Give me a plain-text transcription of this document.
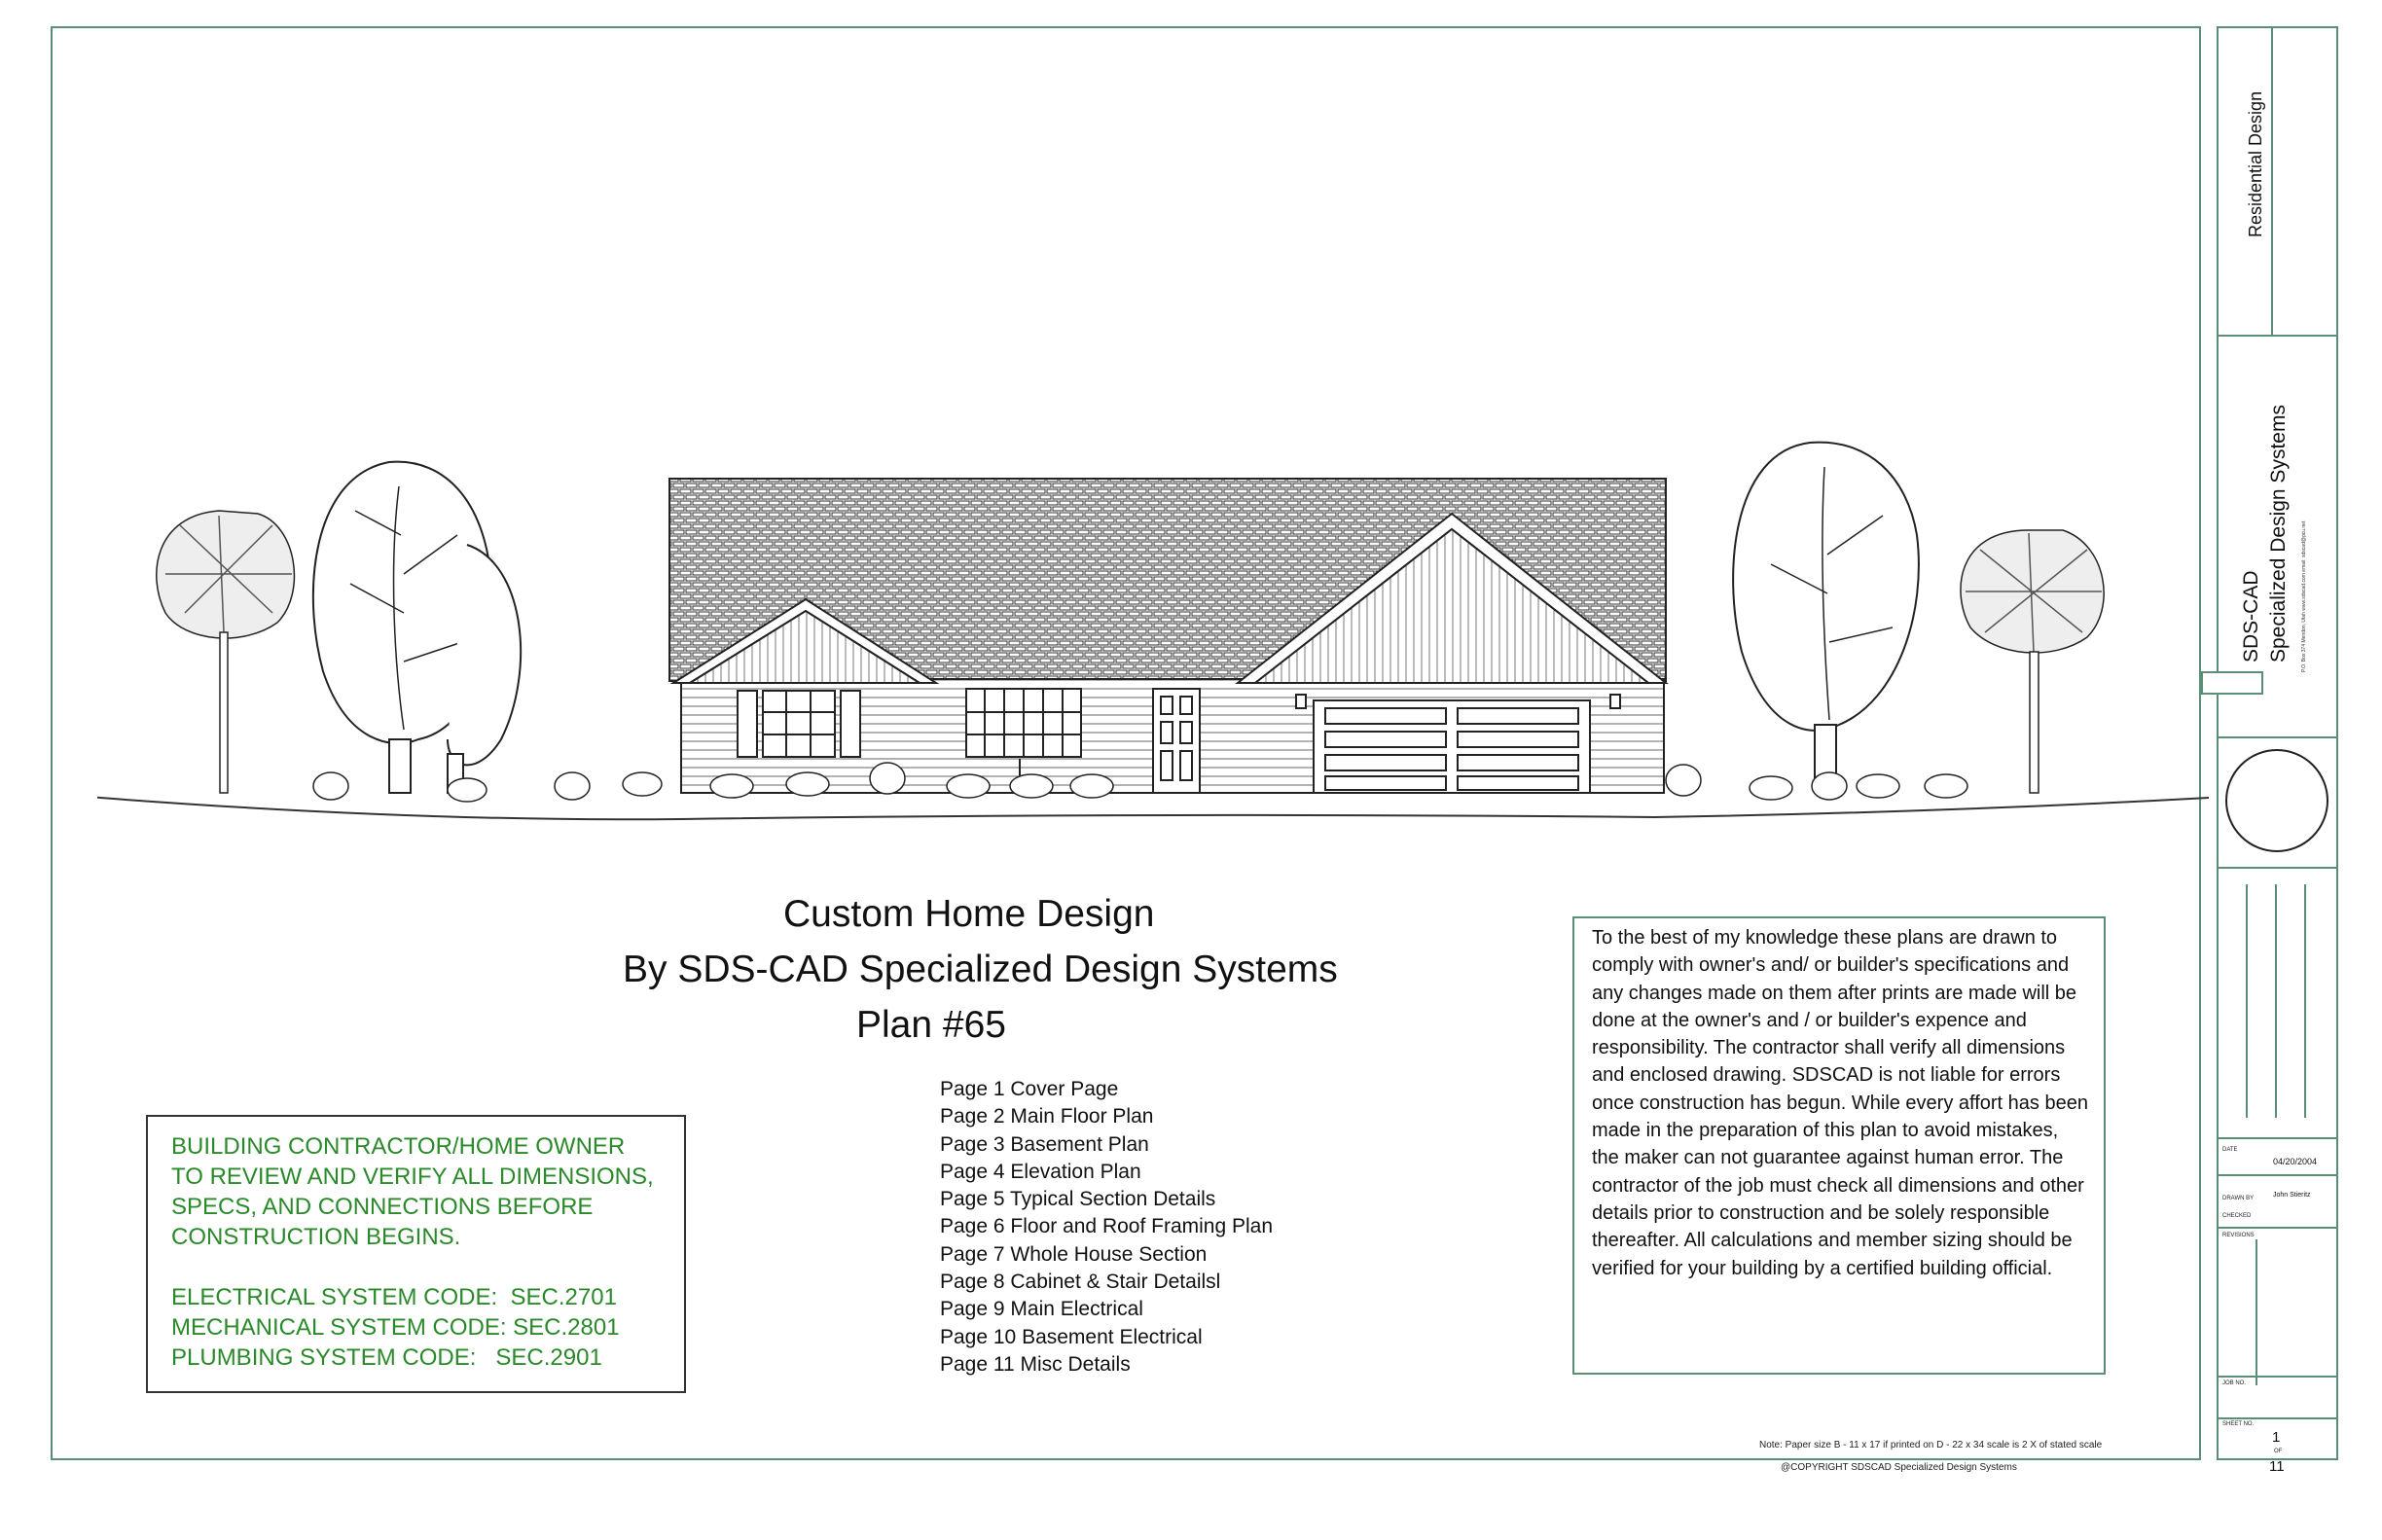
Custom Home Design
By SDS-CAD Specialized Design Systems
Plan #65
Page 1 Cover Page
Page 2 Main Floor Plan
Page 3 Basement Plan
Page 4 Elevation Plan
Page 5 Typical Section Details
Page 6 Floor and Roof Framing Plan
Page 7 Whole House Section
Page 8 Cabinet & Stair Detailsl
Page 9 Main Electrical
Page 10 Basement Electrical
Page 11 Misc Details
BUILDING CONTRACTOR/HOME OWNER
TO REVIEW AND VERIFY ALL DIMENSIONS,
SPECS, AND CONNECTIONS BEFORE
CONSTRUCTION BEGINS.
ELECTRICAL SYSTEM CODE:  SEC.2701
MECHANICAL SYSTEM CODE: SEC.2801
PLUMBING SYSTEM CODE:   SEC.2901
To the best of my knowledge these plans are drawn to comply with owner's and/ or builder's specifications and any changes made on them after prints are made will be done at the owner's and / or builder's expence and responsibility. The contractor shall verify all dimensions and enclosed drawing. SDSCAD is not liable for errors once construction has begun. While every affort has been made in the preparation of this plan to avoid mistakes, the maker can not guarantee against human error. The contractor of the job must check all dimensions and other details prior to construction and be solely responsible thereafter. All calculations and member sizing should be verified for your building by a certified building official.
Note: Paper size B - 11 x 17 if printed on D - 22 x 34 scale is 2 X of stated scale
@COPYRIGHT SDSCAD Specialized Design Systems
Residential Design
SDS-CAD Specialized Design Systems P.O. Box 374 Mendon, Utah www.sdscad.com email: sdscad@pcu.net
DATE
04/20/2004
DRAWN BY	John Stieritz
CHECKED
REVISIONS
JOB NO.
SHEET NO.
1
OF
11
